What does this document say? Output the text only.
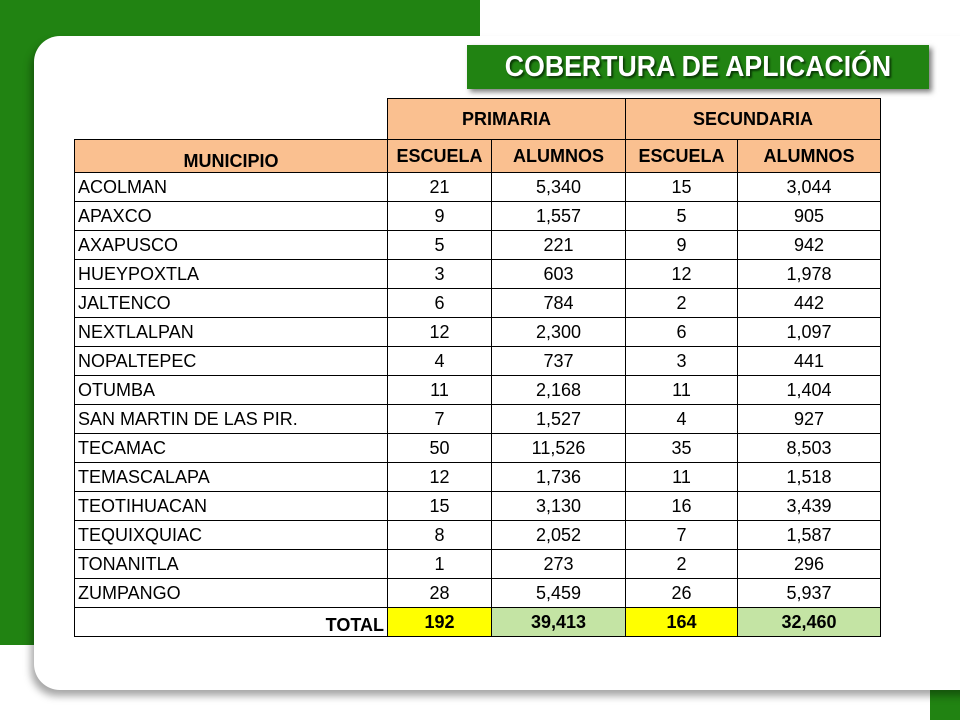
COBERTURA DE APLICACIÓN
	PRIMARIA		SECUNDARIA	
MUNICIPIO	ESCUELA	ALUMNOS	ESCUELA	ALUMNOS
ACOLMAN	21	5,340	15	3,044
APAXCO	9	1,557	5	905
AXAPUSCO	5	221	9	942
HUEYPOXTLA	3	603	12	1,978
JALTENCO	6	784	2	442
NEXTLALPAN	12	2,300	6	1,097
NOPALTEPEC	4	737	3	441
OTUMBA	11	2,168	11	1,404
SAN MARTIN DE LAS PIR.	7	1,527	4	927
TECAMAC	50	11,526	35	8,503
TEMASCALAPA	12	1,736	11	1,518
TEOTIHUACAN	15	3,130	16	3,439
TEQUIXQUIAC	8	2,052	7	1,587
TONANITLA	1	273	2	296
ZUMPANGO	28	5,459	26	5,937
TOTAL	192	39,413	164	32,460
